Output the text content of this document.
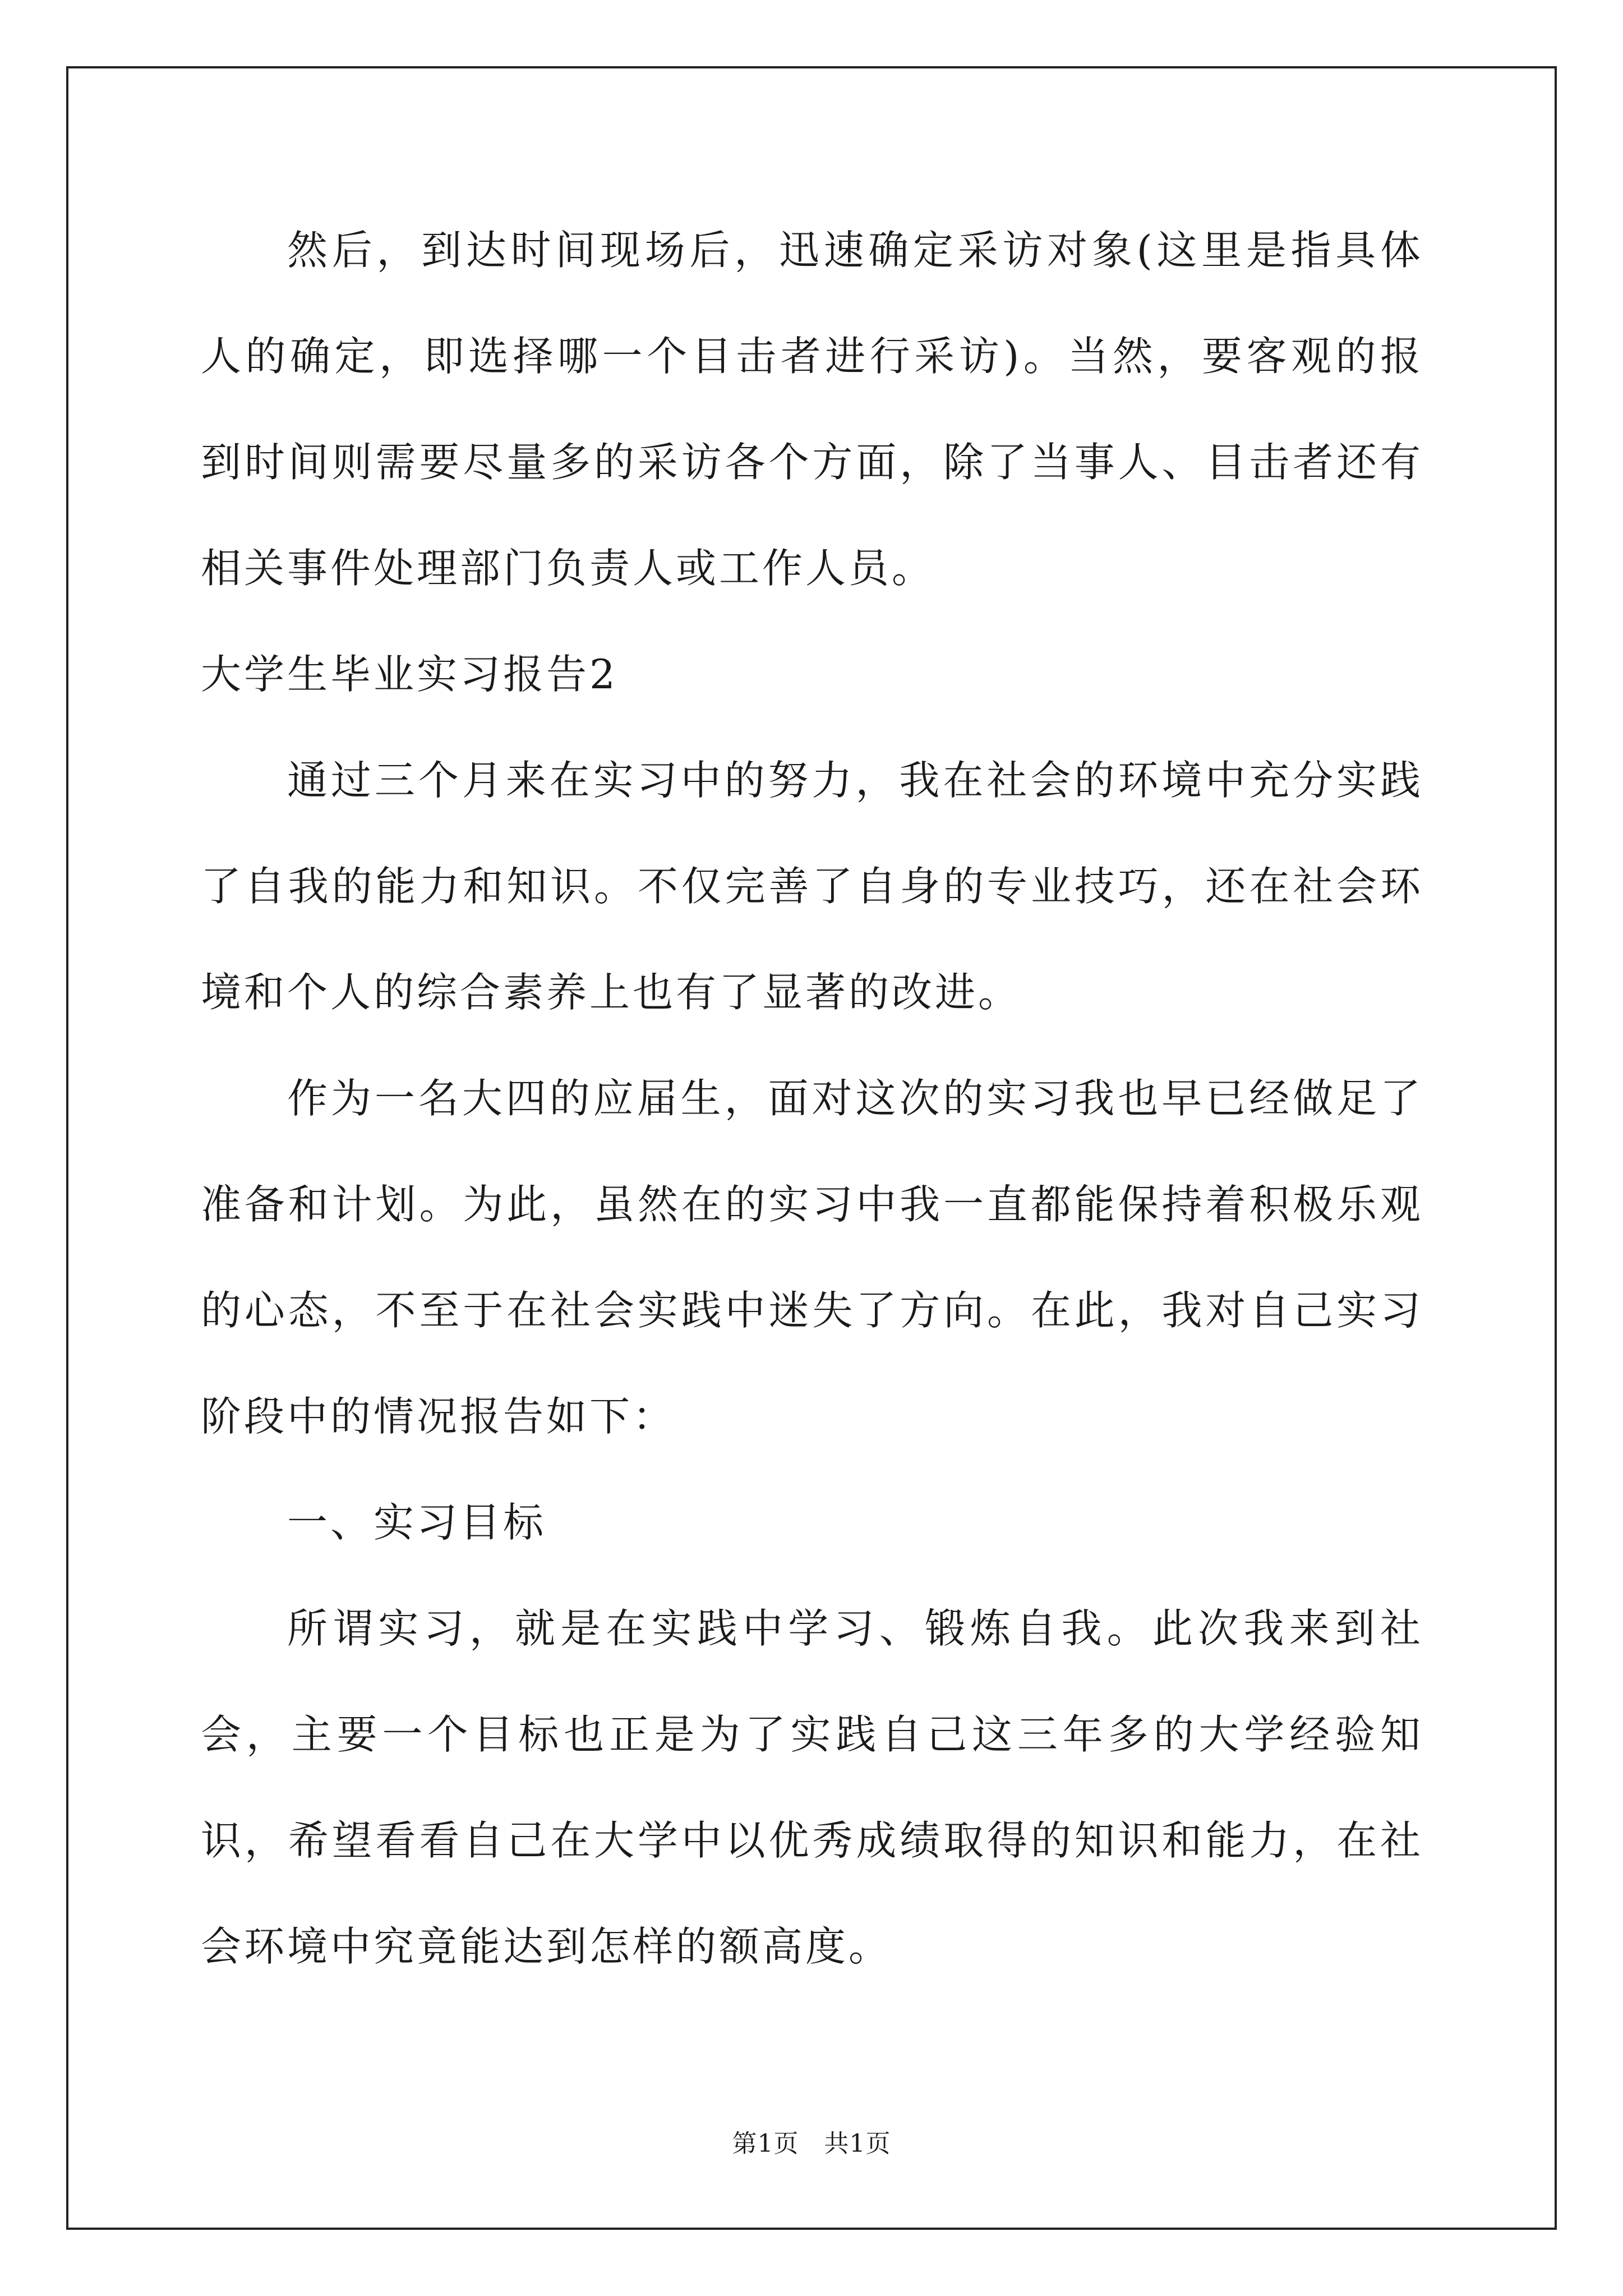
然后，到达时间现场后，迅速确定采访对象(这里是指具体人的确定，即选择哪一个目击者进行采访)。当然，要客观的报到时间则需要尽量多的采访各个方面，除了当事人、目击者还有相关事件处理部门负责人或工作人员。

大学生毕业实习报告2

通过三个月来在实习中的努力，我在社会的环境中充分实践了自我的能力和知识。不仅完善了自身的专业技巧，还在社会环境和个人的综合素养上也有了显著的改进。

作为一名大四的应届生，面对这次的实习我也早已经做足了准备和计划。为此，虽然在的实习中我一直都能保持着积极乐观的心态，不至于在社会实践中迷失了方向。在此，我对自己实习阶段中的情况报告如下：

一、实习目标

所谓实习，就是在实践中学习、锻炼自我。此次我来到社会，主要一个目标也正是为了实践自己这三年多的大学经验知识，希望看看自己在大学中以优秀成绩取得的知识和能力，在社会环境中究竟能达到怎样的额高度。

第1页 共1页
